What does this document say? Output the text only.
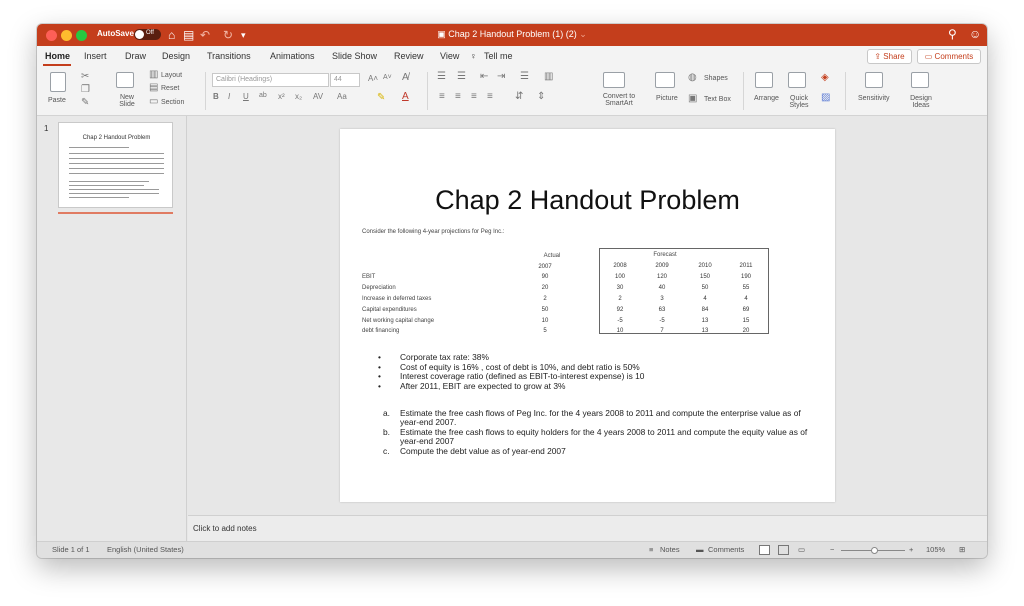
AutoSave Off ⌂ ▤ ↶ ↻ ▾	▣ Chap 2 Handout Problem (1) (2) ⌄	⚲ ☺
Home Insert Draw Design Transitions Animations Slide Show Review View ♀ Tell me	⇪ Share	▭ Comments
Paste
✂
❐
✎	New Slide
▥ Layout
▤ Reset
▭ Section
Calibri (Headings)	44	A˄ A˅ A̸
B I U ab x² x₂ AV Aa	✎ A
☰ ☰ ⇤ ⇥ ☰ ▥
≡ ≡ ≡ ≡ ⇵ ⇕	Convert to SmartArt
Picture
◍ Shapes
▣ Text Box	Arrange	Quick Styles
◈
▨	Sensitivity	Design Ideas
1
Chap 2 Handout Problem
Chap 2 Handout Problem
Consider the following 4-year projections for Peg Inc.:
Actual	Forecast
2007	2008	2009	2010	2011
EBIT	90	100	120	150	190
Depreciation	20	30	40	50	55
Increase in deferred taxes	2	2	3	4	4
Capital expenditures	50	92	63	84	69
Net working capital change	10	-5	-5	13	15
debt financing	5	10	7	13	20
• Corporate tax rate: 38%
• Cost of equity is 16% , cost of debt is 10%, and debt ratio is 50%
• Interest coverage ratio (defined as EBIT-to-interest expense) is 10
• After 2011, EBIT are expected to grow at 3%
a. Estimate the free cash flows of Peg Inc. for the 4 years 2008 to 2011 and compute the enterprise value as of year-end 2007.
b. Estimate the free cash flows to equity holders for the 4 years 2008 to 2011 and compute the equity value as of year-end 2007
c. Compute the debt value as of year-end 2007
Click to add notes
Slide 1 of 1 English (United States)	≡ Notes ▬ Comments	▭	−	+ 105% ⊞
